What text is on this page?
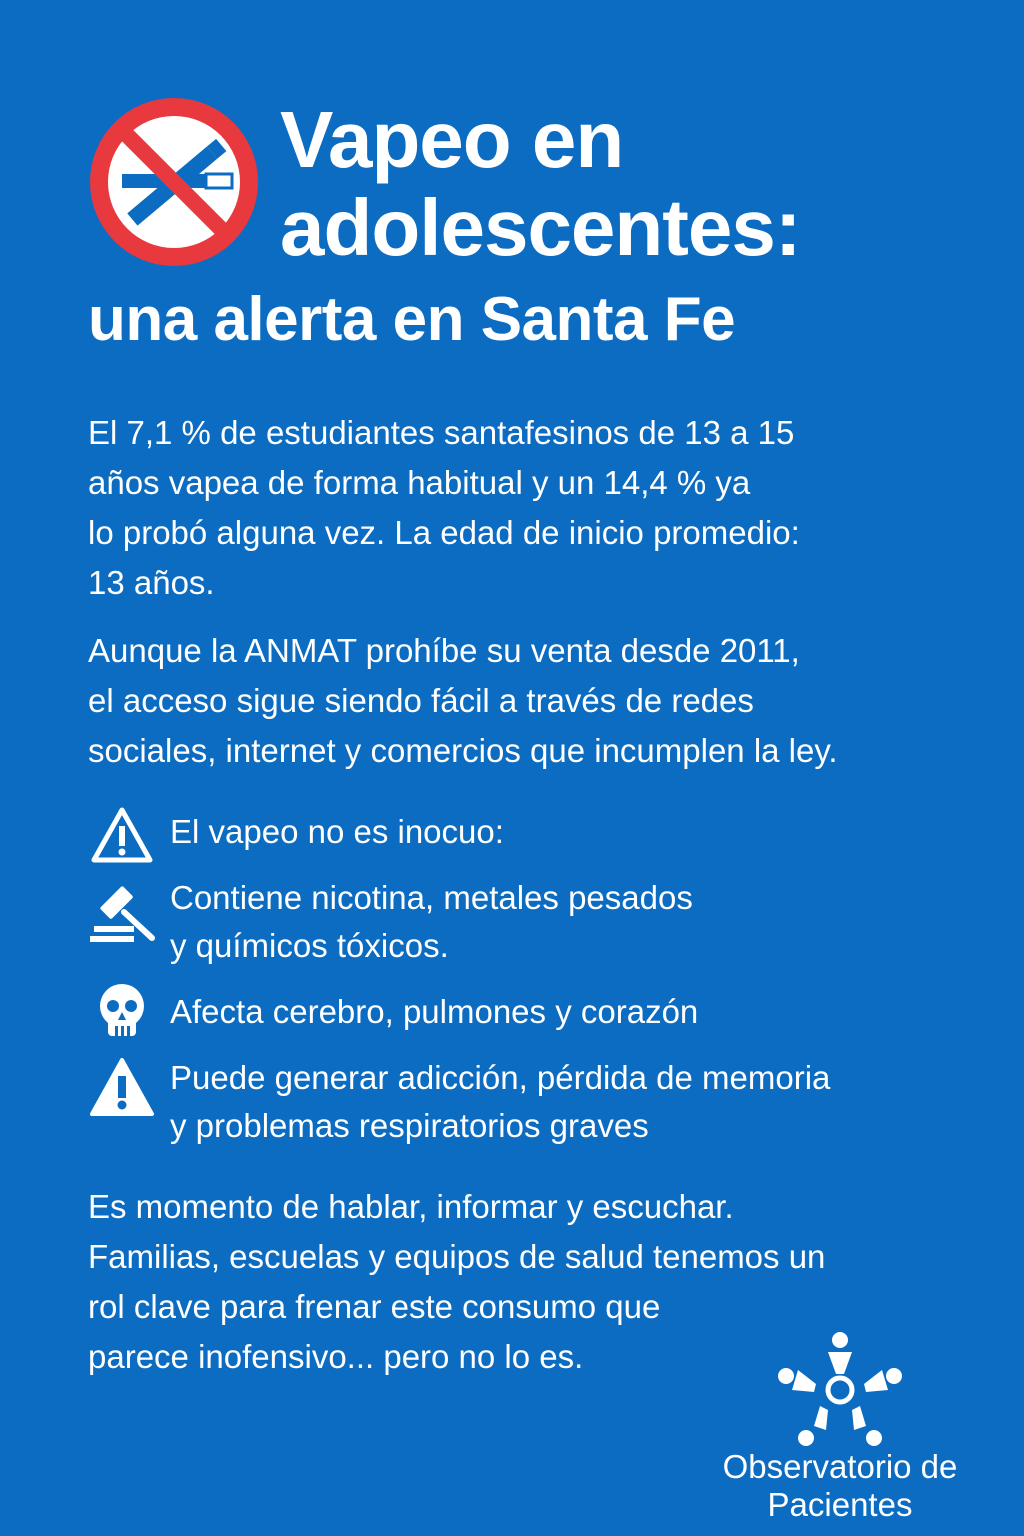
Vapeo en
adolescentes:
una alerta en Santa Fe

El 7,1 % de estudiantes santafesinos de 13 a 15
años vapea de forma habitual y un 14,4 % ya
lo probó alguna vez. La edad de inicio promedio:
13 años.

Aunque la ANMAT prohíbe su venta desde 2011,
el acceso sigue siendo fácil a través de redes
sociales, internet y comercios que incumplen la ley.

El vapeo no es inocuo:
Contiene nicotina, metales pesados
y químicos tóxicos.
Afecta cerebro, pulmones y corazón
Puede generar adicción, pérdida de memoria
y problemas respiratorios graves

Es momento de hablar, informar y escuchar.
Familias, escuelas y equipos de salud tenemos un
rol clave para frenar este consumo que
parece inofensivo... pero no lo es.

Observatorio de
Pacientes
